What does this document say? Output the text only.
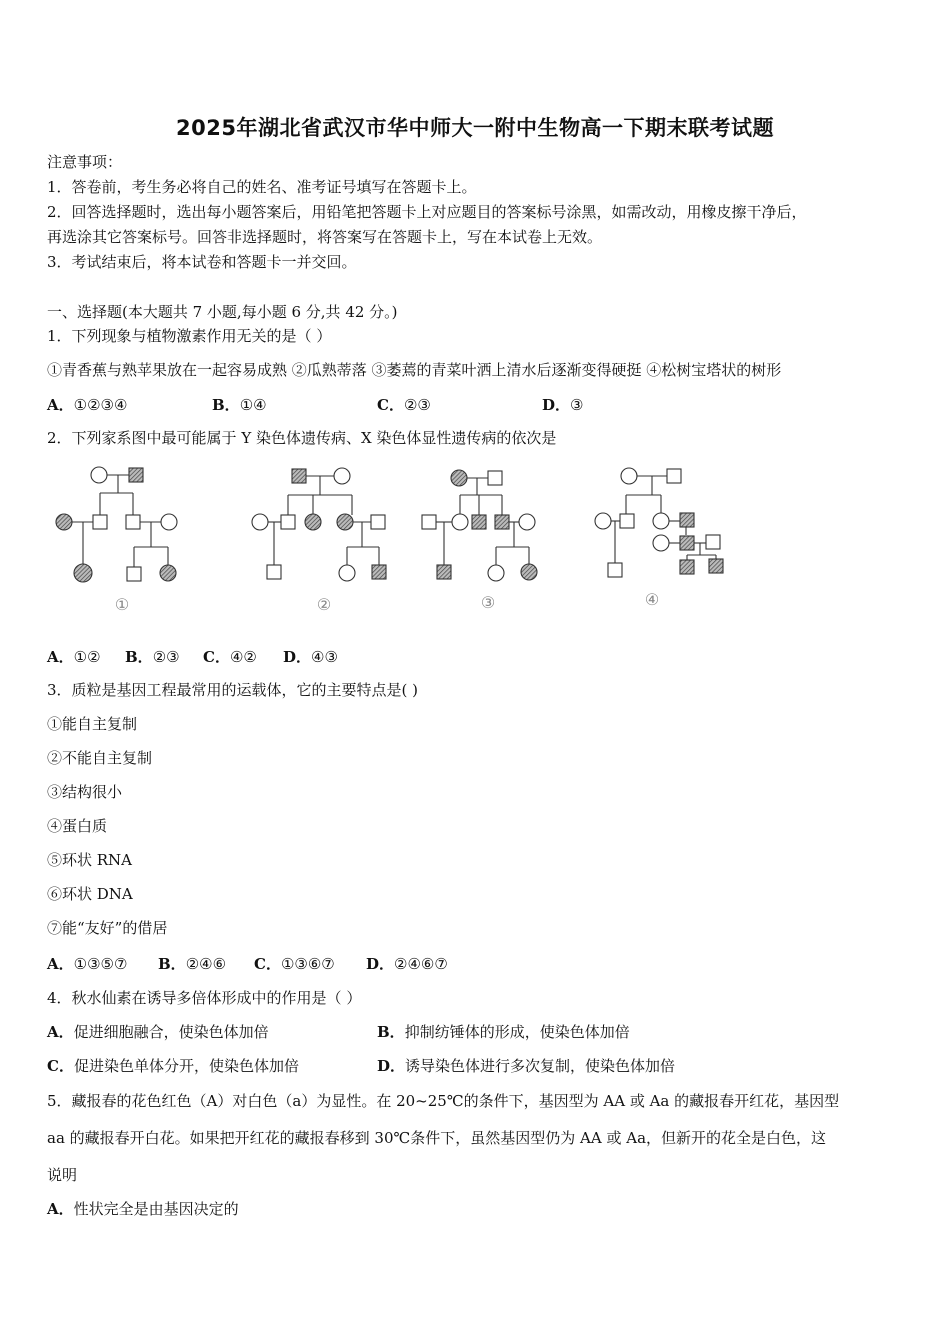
2025年湖北省武汉市华中师大一附中生物高一下期末联考试题
注意事项：
1．答卷前，考生务必将自己的姓名、准考证号填写在答题卡上。
2．回答选择题时，选出每小题答案后，用铅笔把答题卡上对应题目的答案标号涂黑，如需改动，用橡皮擦干净后，
再选涂其它答案标号。回答非选择题时，将答案写在答题卡上，写在本试卷上无效。
3．考试结束后，将本试卷和答题卡一并交回。
一、选择题(本大题共 7 小题,每小题 6 分,共 42 分。)
1．下列现象与植物激素作用无关的是（ ）
①青香蕉与熟苹果放在一起容易成熟 ②瓜熟蒂落 ③萎蔫的青菜叶洒上清水后逐渐变得硬挺 ④松树宝塔状的树形
A．①②③④	B．①④	C．②③	D．③
2．下列家系图中最可能属于 Y 染色体遗传病、X 染色体显性遗传病的依次是
①	②	③	④
A．①② B．②③ C．④② D．④③
3．质粒是基因工程最常用的运载体，它的主要特点是( )
①能自主复制
②不能自主复制
③结构很小
④蛋白质
⑤环状 RNA
⑥环状 DNA
⑦能“友好”的借居
A．①③⑤⑦ B．②④⑥ C．①③⑥⑦ D．②④⑥⑦
4．秋水仙素在诱导多倍体形成中的作用是（ ）
A．促进细胞融合，使染色体加倍	B．抑制纺锤体的形成，使染色体加倍
C．促进染色单体分开，使染色体加倍	D．诱导染色体进行多次复制，使染色体加倍
5．藏报春的花色红色（A）对白色（a）为显性。在 20~25℃的条件下，基因型为 AA 或 Aa 的藏报春开红花，基因型
aa 的藏报春开白花。如果把开红花的藏报春移到 30℃条件下，虽然基因型仍为 AA 或 Aa，但新开的花全是白色，这
说明
A．性状完全是由基因决定的
